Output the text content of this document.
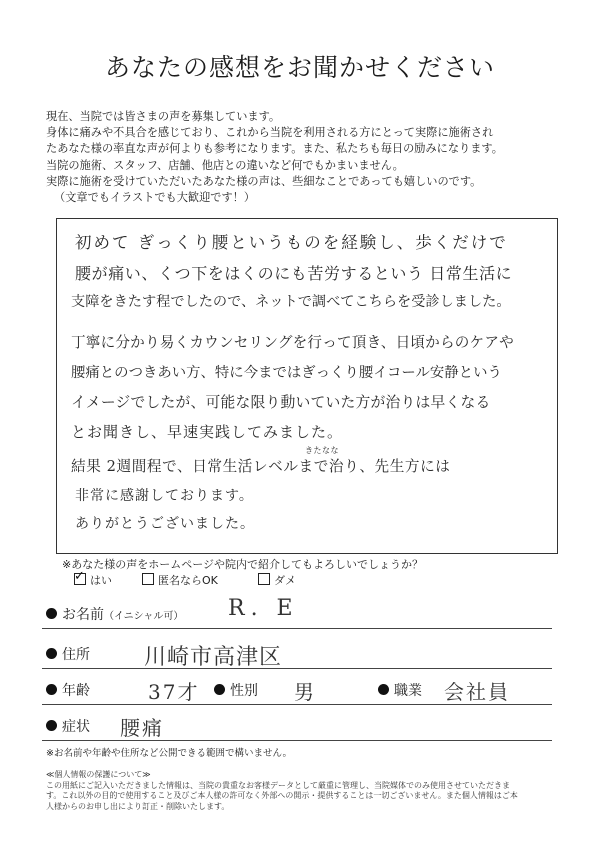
あなたの感想をお聞かせください
現在、当院では皆さまの声を募集しています。
身体に痛みや不具合を感じており、これから当院を利用される方にとって実際に施術され
たあなた様の率直な声が何よりも参考になります。また、私たちも毎日の励みになります。
当院の施術、スタッフ、店舗、他店との違いなど何でもかまいません。
実際に施術を受けていただいたあなた様の声は、些細なことであっても嬉しいのです。
（文章でもイラストでも大歓迎です！）
初めて ぎっくり腰というものを経験し、歩くだけで
腰が痛い、くつ下をはくのにも苦労するという 日常生活に
支障をきたす程でしたので、ネットで調べてこちらを受診しました。
丁寧に分かり易くカウンセリングを行って頂き、日頃からのケアや
腰痛とのつきあい方、特に今まではぎっくり腰イコール安静という
イメージでしたが、可能な限り動いていた方が治りは早くなる
とお聞きし、早速実践してみました。
きたなな
結果 2週間程で、日常生活レベルまで治り、先生方には
非常に感謝しております。
ありがとうございました。
※あなた様の声をホームページや院内で紹介してもよろしいでしょうか？
✓ はい	匿名ならOK	ダメ
お名前（イニシャル可） R. E
住所 川崎市高津区
年齢	37才 性別 男	職業 会社員
症状 腰痛
※お名前や年齢や住所など公開できる範囲で構いません。
≪個人情報の保護について≫
この用紙にご記入いただきました情報は、当院の貴重なお客様データとして厳重に管理し、当院媒体でのみ使用させていただきま
す。これ以外の目的で使用すること及びご本人様の許可なく外部への開示・提供することは一切ございません。また個人情報はご本
人様からのお申し出により訂正・削除いたします。
